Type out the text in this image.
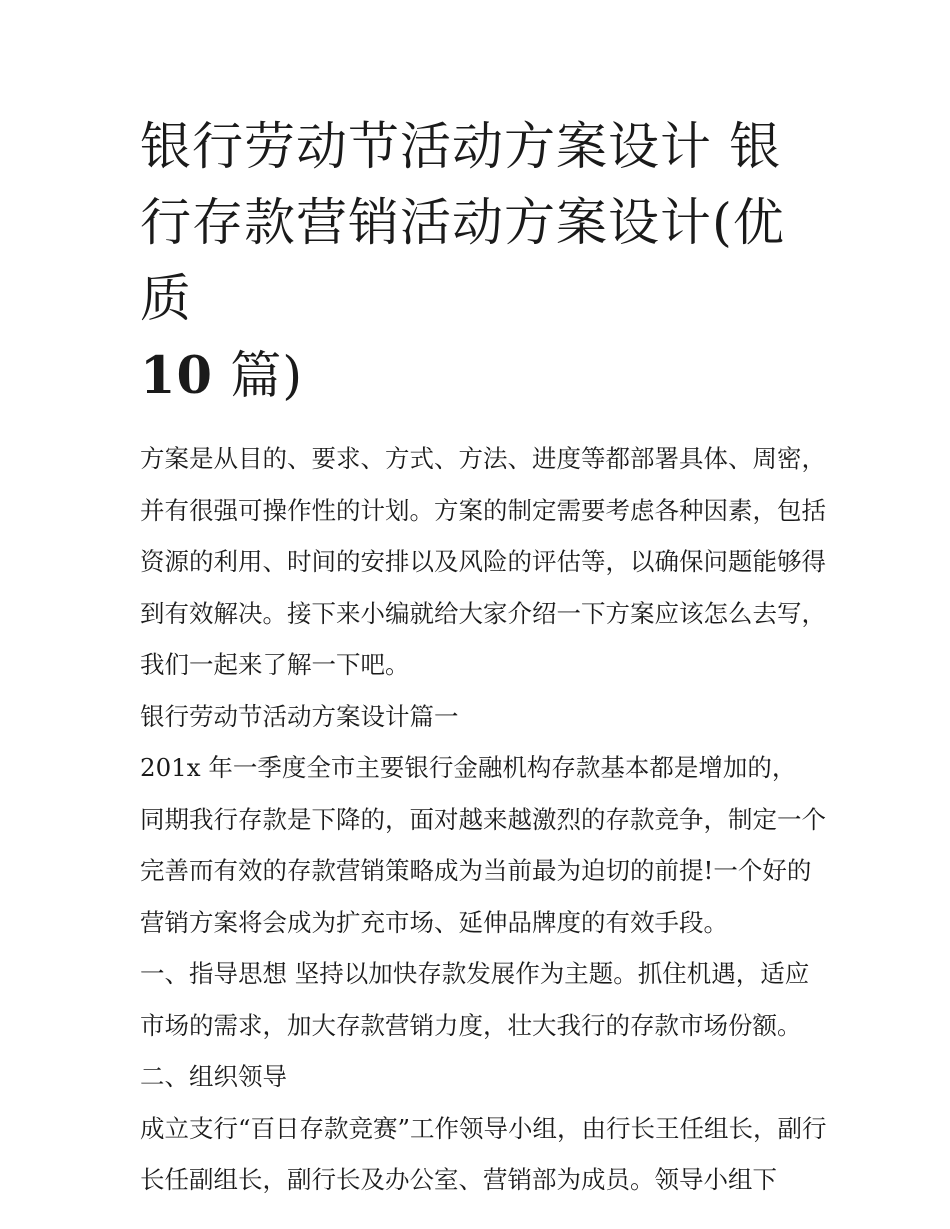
银行劳动节活动方案设计 银行存款营销活动方案设计(优质
10 篇)

方案是从目的、要求、方式、方法、进度等都部署具体、周密，并有很强可操作性的计划。方案的制定需要考虑各种因素，包括资源的利用、时间的安排以及风险的评估等，以确保问题能够得到有效解决。接下来小编就给大家介绍一下方案应该怎么去写，我们一起来了解一下吧。

银行劳动节活动方案设计篇一

201x 年一季度全市主要银行金融机构存款基本都是增加的，

同期我行存款是下降的，面对越来越激烈的存款竞争，制定一个完善而有效的存款营销策略成为当前最为迫切的前提!一个好的营销方案将会成为扩充市场、延伸品牌度的有效手段。

一、指导思想 坚持以加快存款发展作为主题。抓住机遇，适应市场的需求，加大存款营销力度，壮大我行的存款市场份额。 二、组织领导

成立支行“百日存款竞赛”工作领导小组，由行长王任组长，副行长任副组长，副行长及办公室、营销部为成员。领导小组下
